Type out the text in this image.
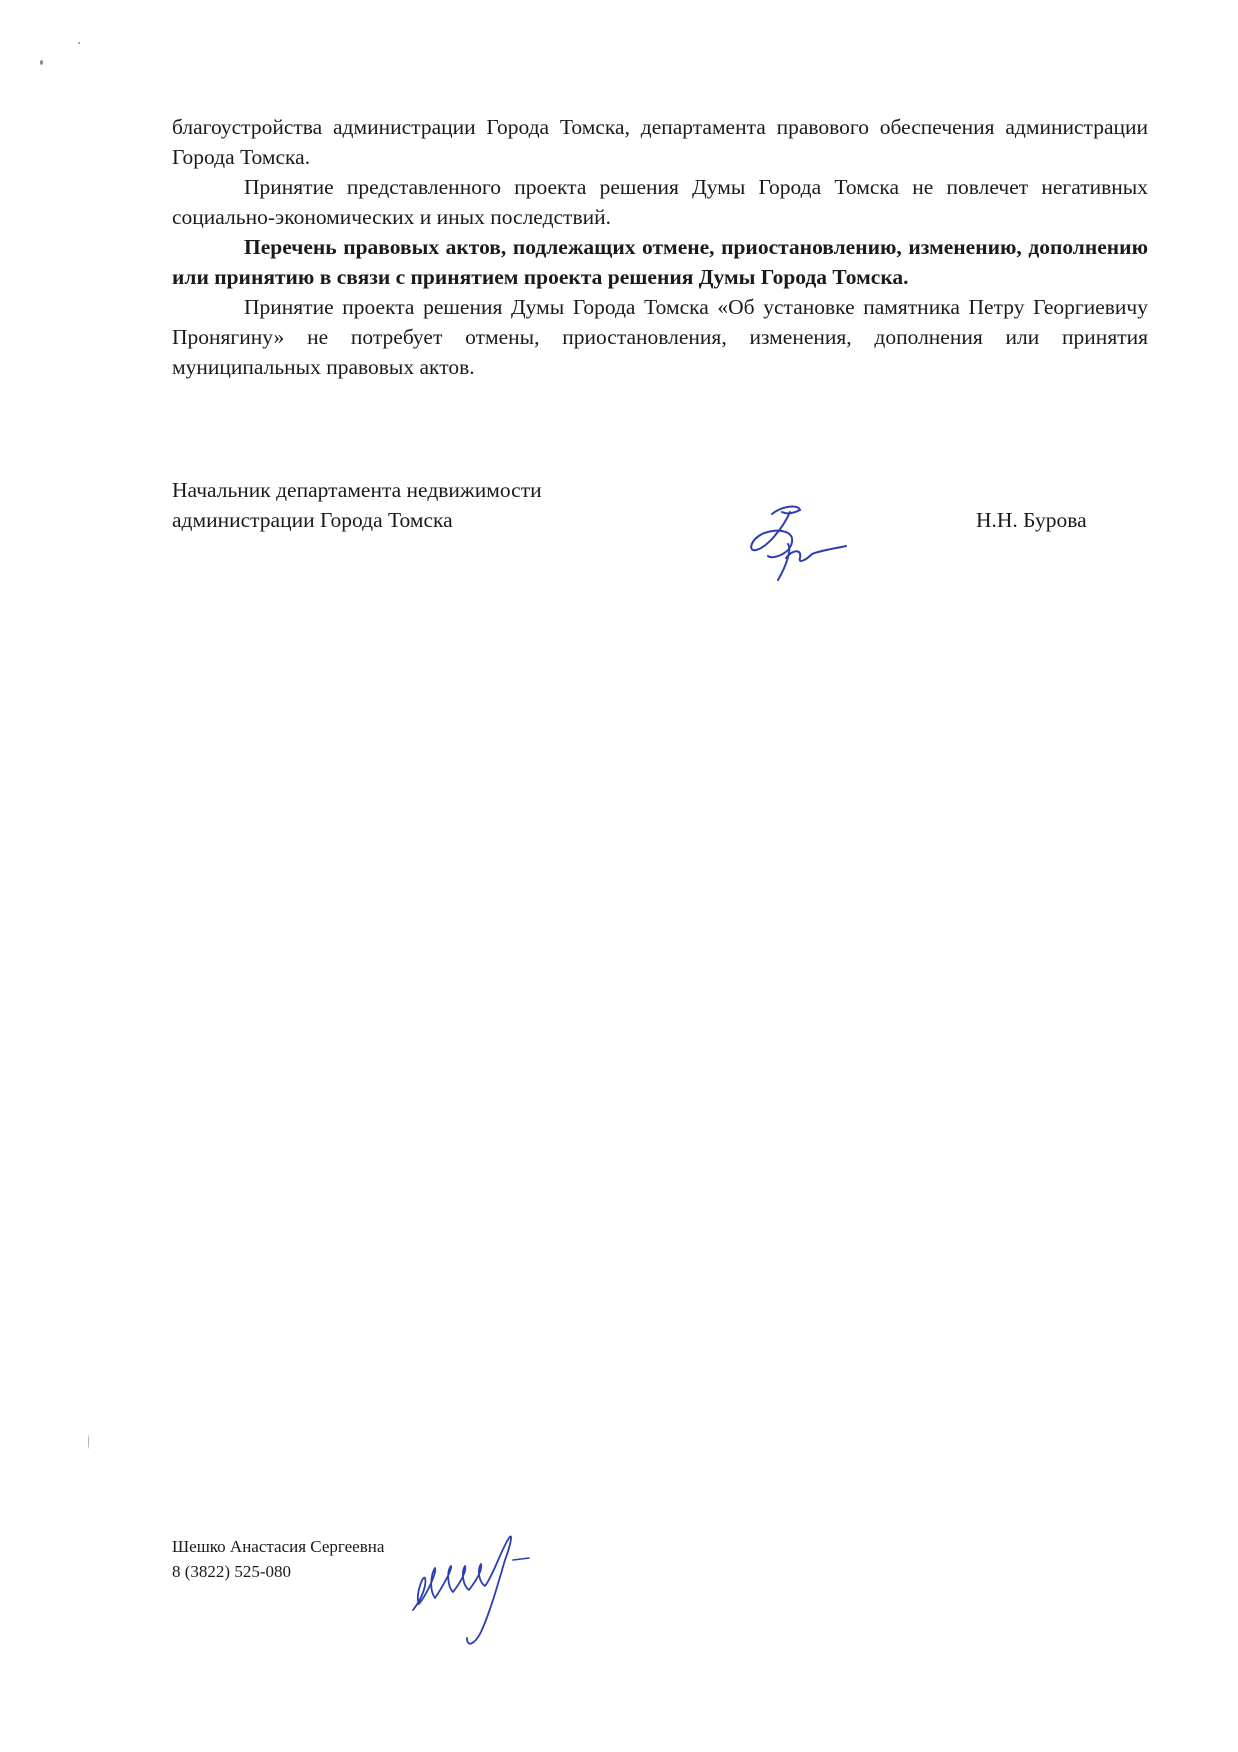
благоустройства администрации Города Томска, департамента правового обеспечения администрации Города Томска.

Принятие представленного проекта решения Думы Города Томска не повлечет негативных социально-экономических и иных последствий.

Перечень правовых актов, подлежащих отмене, приостановлению, изменению, дополнению или принятию в связи с принятием проекта решения Думы Города Томска.

Принятие проекта решения Думы Города Томска «Об установке памятника Петру Георгиевичу Пронягину» не потребует отмены, приостановления, изменения, дополнения или принятия муниципальных правовых актов.

Начальник департамента недвижимости
администрации Города Томска	Н.Н. Бурова
Шешко Анастасия Сергеевна
8 (3822) 525-080
